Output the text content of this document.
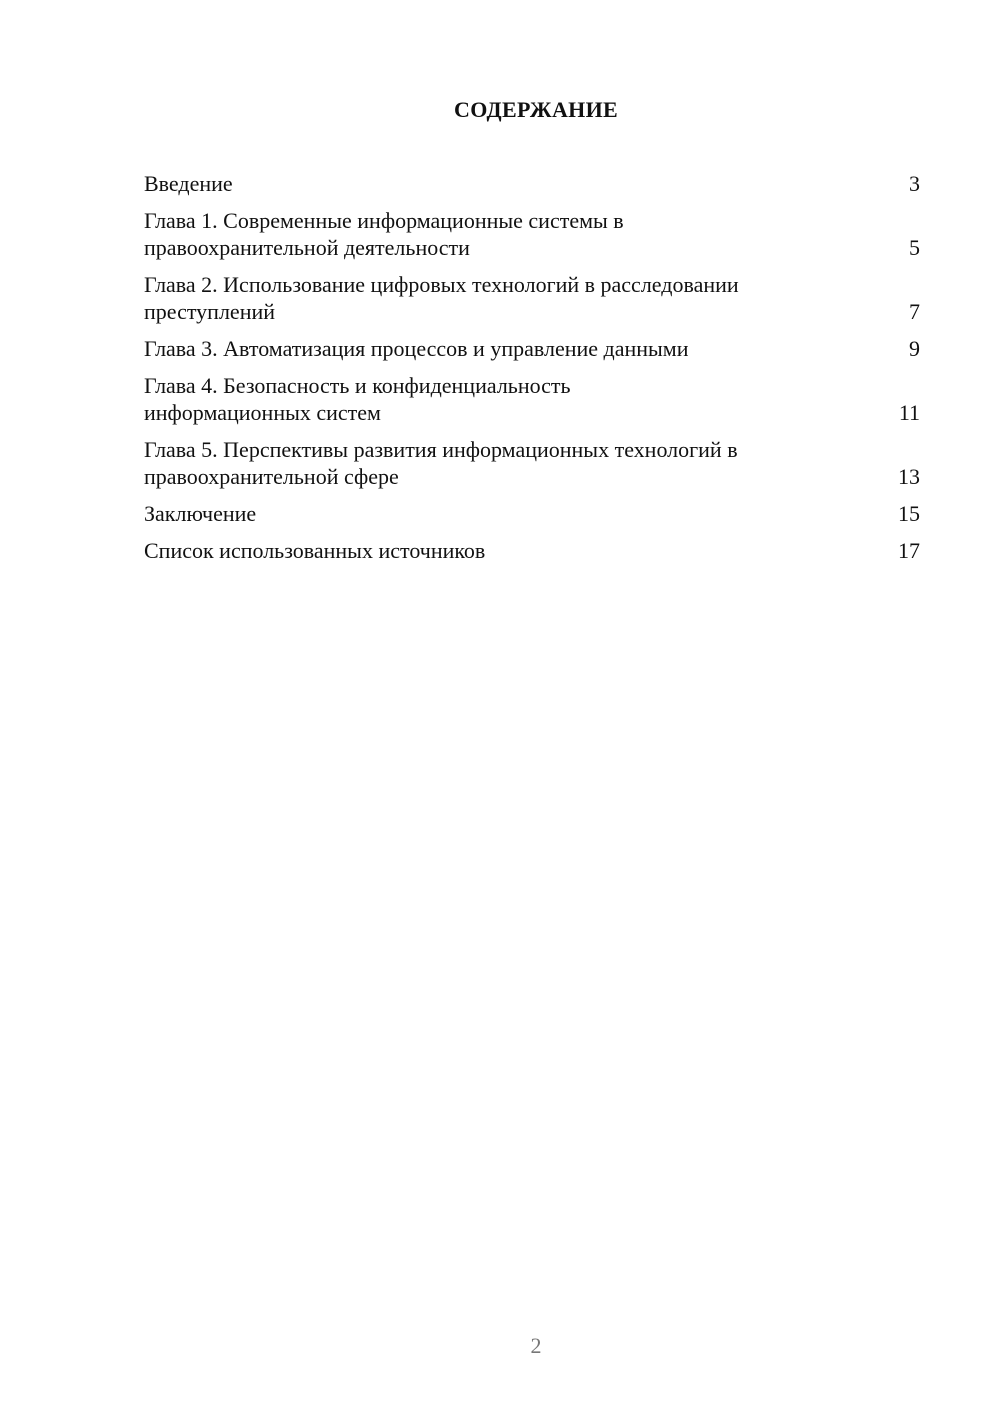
СОДЕРЖАНИЕ
Введение	3
Глава 1. Современные информационные системы в
правоохранительной деятельности	5
Глава 2. Использование цифровых технологий в расследовании
преступлений	7
Глава 3. Автоматизация процессов и управление данными	9
Глава 4. Безопасность и конфиденциальность
информационных систем	11
Глава 5. Перспективы развития информационных технологий в
правоохранительной сфере	13
Заключение	15
Список использованных источников	17
2
